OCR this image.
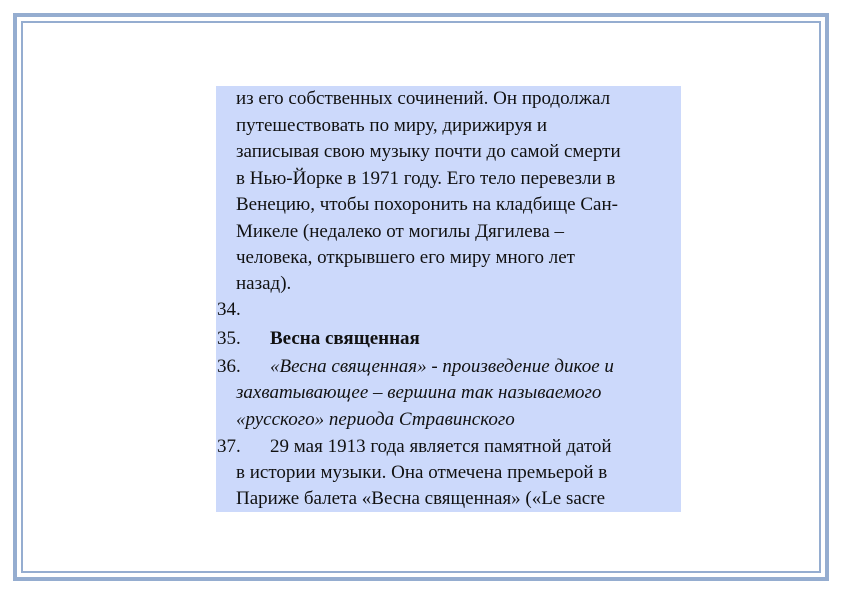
из его собственных сочинений. Он продолжал
путешествовать по миру, дирижируя и
записывая свою музыку почти до самой смерти
в Нью-Йорке в 1971 году. Его тело перевезли в
Венецию, чтобы похоронить на кладбище Сан-
Микеле (недалеко от могилы Дягилева –
человека, открывшего его миру много лет
назад).
34.
35. Весна священная
36. «Весна священная» - произведение дикое и
захватывающее – вершина так называемого
«русского» периода Стравинского
37. 29 мая 1913 года является памятной датой
в истории музыки. Она отмечена премьерой в
Париже балета «Весна священная» («Le sacre
